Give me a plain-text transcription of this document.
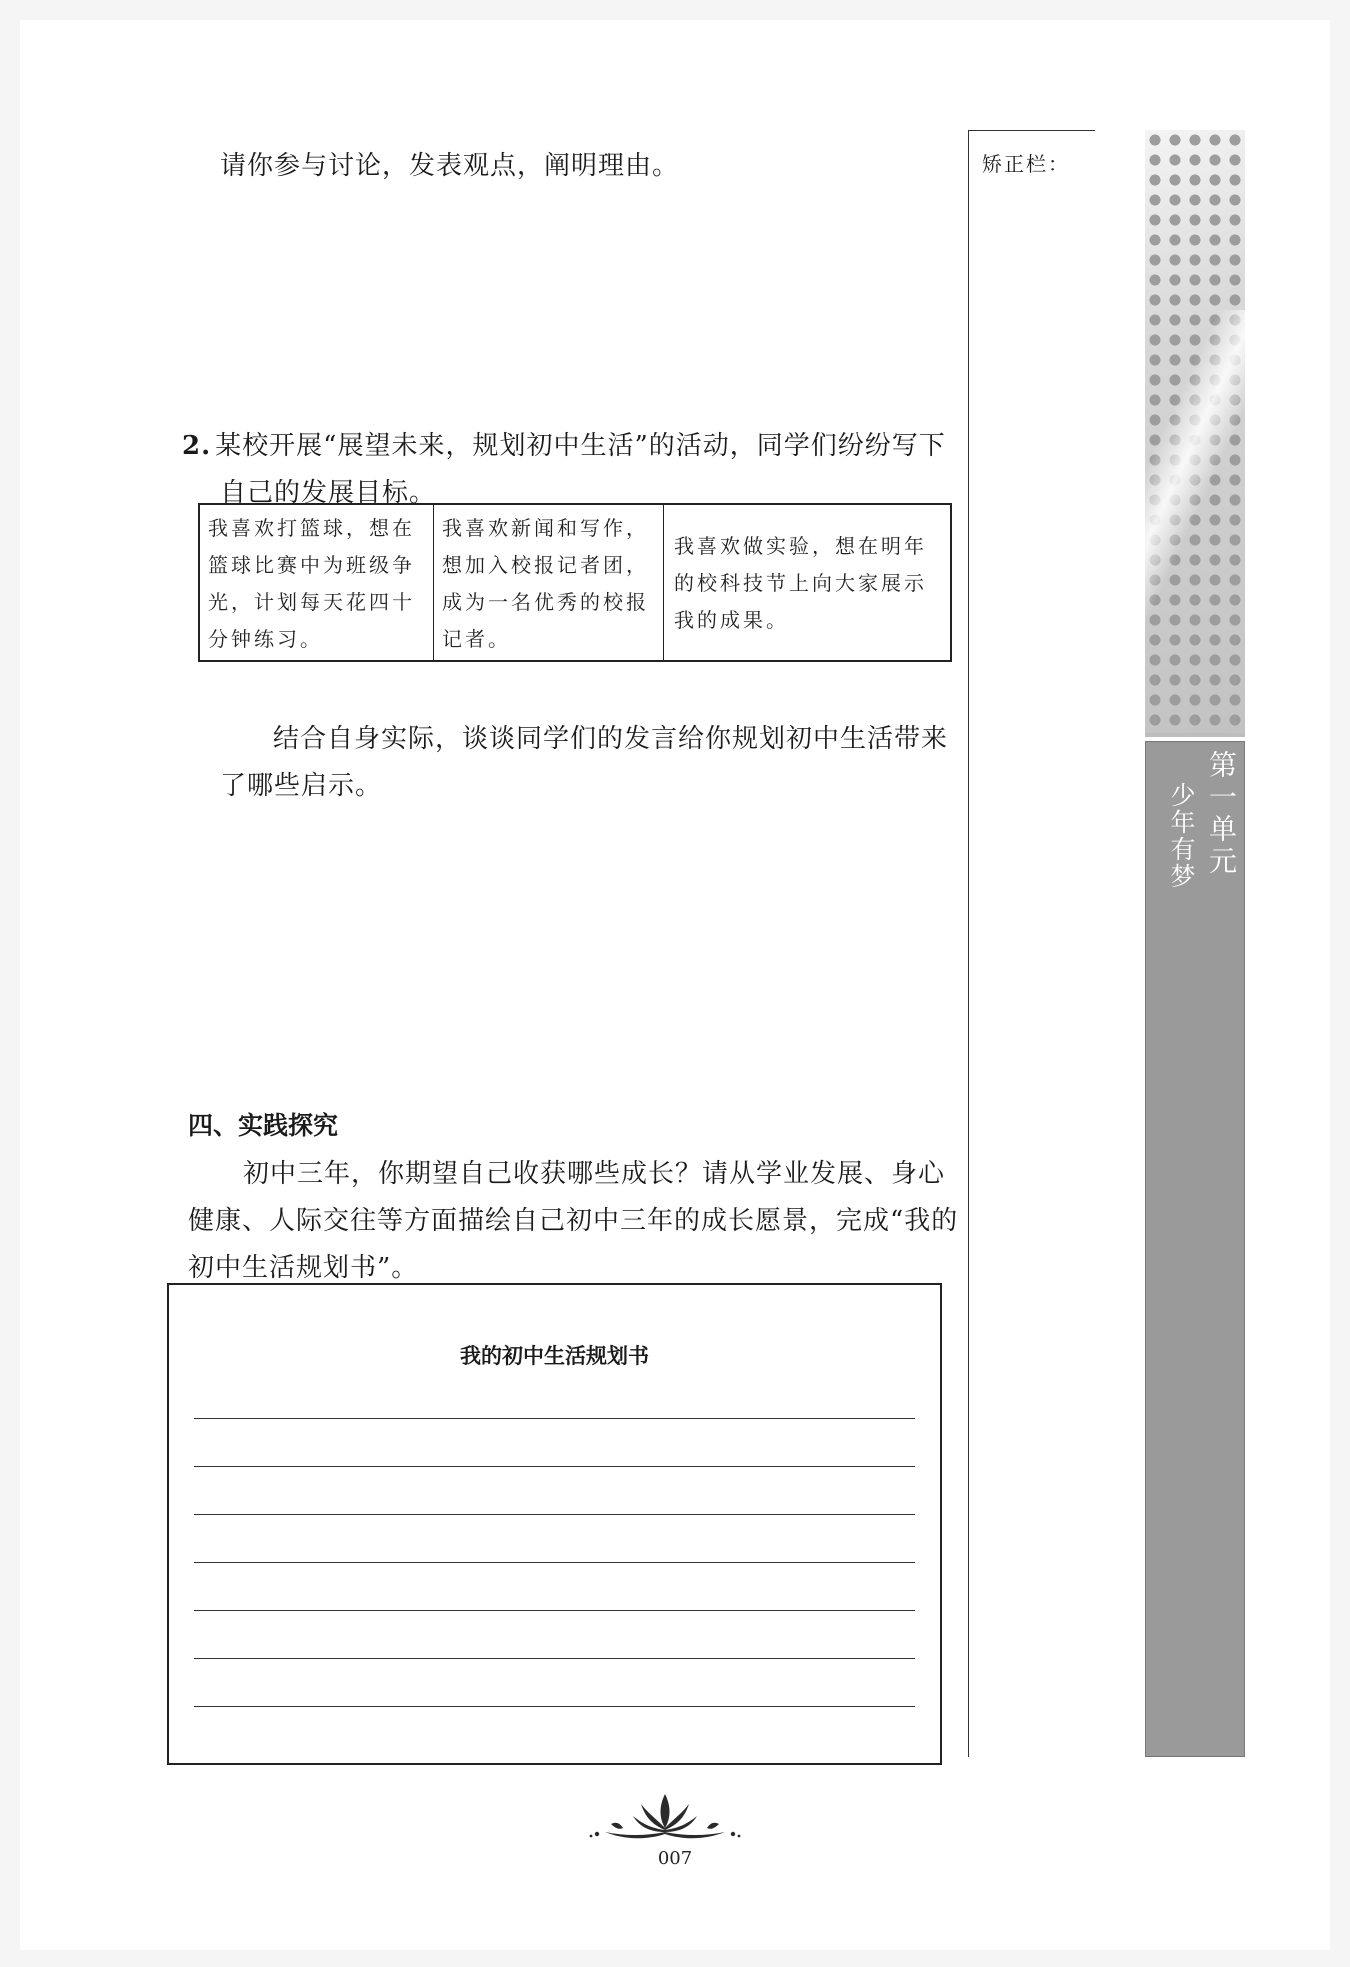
请你参与讨论，发表观点，阐明理由。
2. 某校开展“展望未来，规划初中生活”的活动，同学们纷纷写下
自己的发展目标。
我喜欢打篮球，想在篮球比赛中为班级争光，计划每天花四十分钟练习。
我喜欢新闻和写作，想加入校报记者团，成为一名优秀的校报记者。
我喜欢做实验，想在明年的校科技节上向大家展示我的成果。
结合自身实际，谈谈同学们的发言给你规划初中生活带来
了哪些启示。
四、实践探究
初中三年，你期望自己收获哪些成长？请从学业发展、身心
健康、人际交往等方面描绘自己初中三年的成长愿景，完成“我的
初中生活规划书”。
我的初中生活规划书
矫正栏：
第一单元
少年有梦
007
